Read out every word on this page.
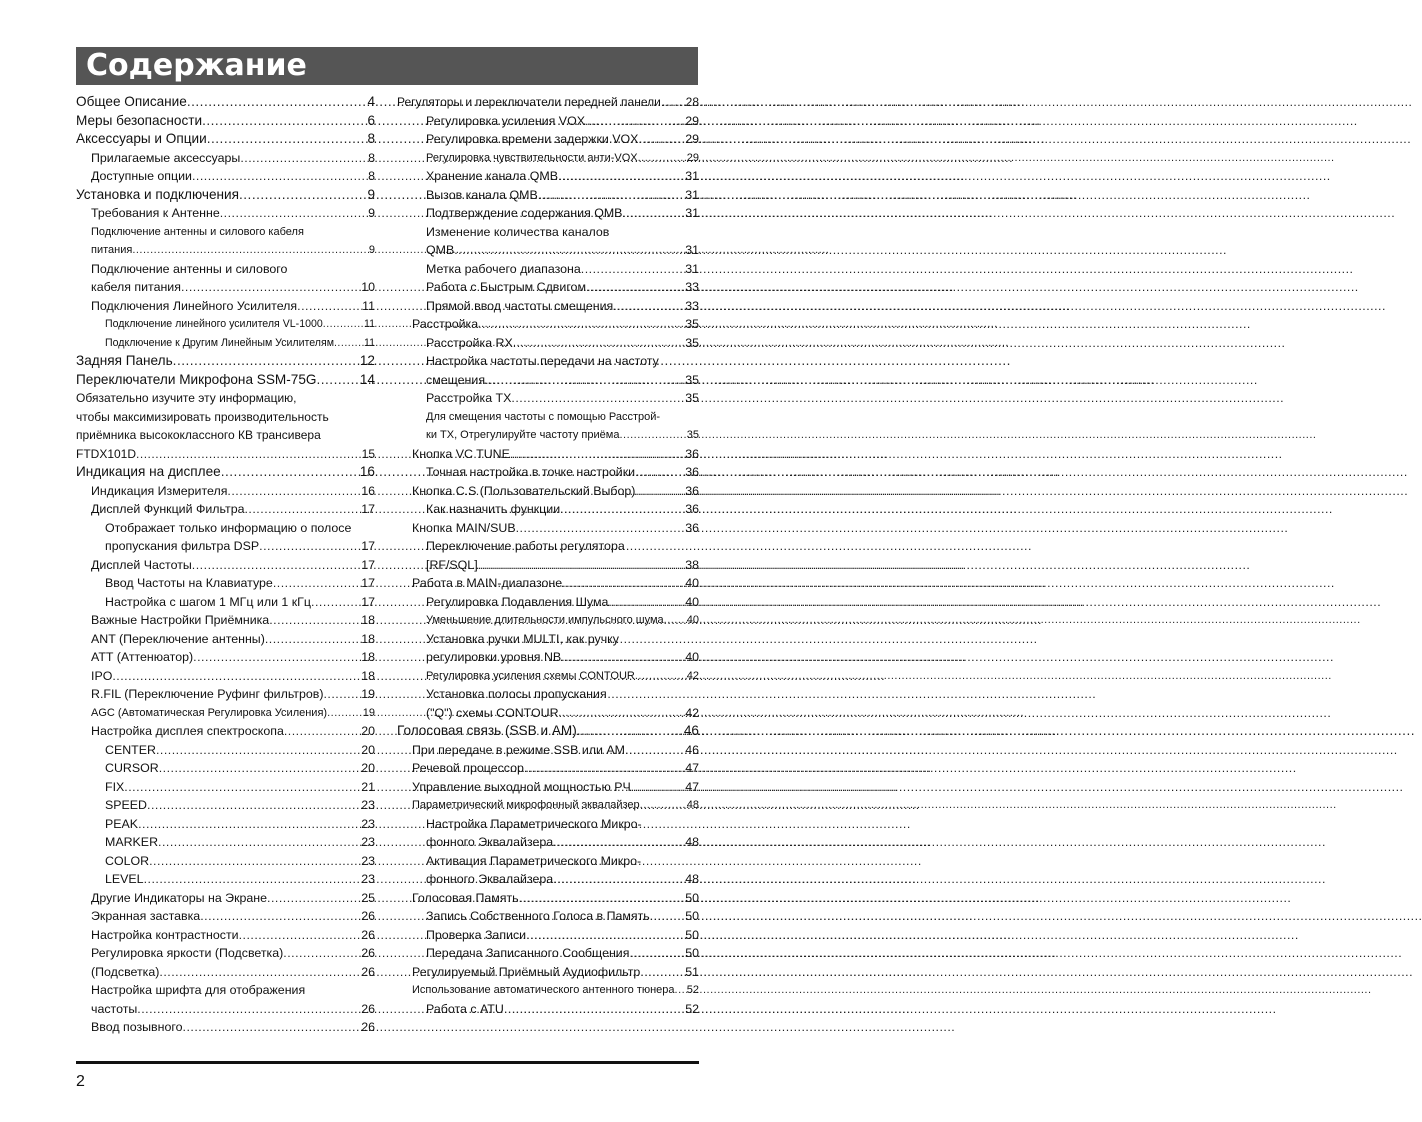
Содержание
Общее Описание .....	4
Меры безопасности .....	6
Аксессуары и Опции .....	8
Прилагаемые аксессуары .....	8
Доступные опции .....	8
Установка и подключения .....	9
Требования к Антенне .....	9
Подключение антенны и силового кабеля
питания .....	9
Подключение антенны и силового
кабеля питания .....	10
Подключения Линейного Усилителя .....	11
Подключение линейного усилителя VL-1000 .....	11
Подключение к Другим Линейным Усилителям .....	11
Задняя Панель .....	12
Переключатели Микрофона SSM-75G .....	14
Обязательно изучите эту информацию,
чтобы максимизировать производительность
приёмника высококлассного КВ трансивера
FTDX101D .....	15
Индикация на дисплее .....	16
Индикация Измерителя .....	16
Дисплей Функций Фильтра .....	17
Отображает только информацию о полосе
пропускания фильтра DSP .....	17
Дисплей Частоты .....	17
Ввод Частоты на Клавиатуре .....	17
Настройка с шагом 1 МГц или 1 кГц .....	17
Важные Настройки Приёмника .....	18
ANT (Переключение антенны) .....	18
ATT (Аттенюатор) .....	18
IPO .....	18
R.FIL (Переключение Руфинг фильтров) .....	19
AGC (Автоматическая Регулировка Усиления) .....	19
Настройка дисплея спектроскопа .....	20
CENTER .....	20
CURSOR .....	20
FIX .....	21
SPEED .....	23
PEAK .....	23
MARKER .....	23
COLOR .....	23
LEVEL .....	23
Другие Индикаторы на Экране .....	25
Экранная заставка .....	26
Настройка контрастности .....	26
Регулировка яркости (Подсветка) .....	26
(Подсветка) .....	26
Настройка шрифта для отображения
частоты .....	26
Ввод позывного .....	26
Регуляторы и переключатели передней панели ..... 28
Регулировка усиления VOX .....	29
Регулировка времени задержки VOX .....	29
Регулировка чувствительности анти-VOX .....	29
Хранение канала QMB .....	31
Вызов канала QMB .....	31
Подтверждение содержания QMB .....	31
Изменение количества каналов
QMB .....	31
Метка рабочего диапазона .....	31
Работа с Быстрым Сдвигом .....	33
Прямой ввод частоты смещения .....	33
Расстройка .....	35
Расстройка RX .....	35
Настройка частоты передачи на частоту
смещения .....	35
Расстройка TX .....	35
Для смещения частоты с помощью Расстрой-
ки TX, Отрегулируйте частоту приёма .....	35
Кнопка VC TUNE .....	36
Точная настройка в точке настройки .....	36
Кнопка C.S (Пользовательский Выбор) .....	36
Как назначить функции .....	36
Кнопка MAIN/SUB .....	36
Переключение работы регулятора
[RF/SQL] .....	38
Работа в MAIN-диапазоне .....	40
Регулировка Подавления Шума .....	40
Уменьшение длительности импульсного шума ..... 40
Установка ручки MULTI, как ручку
регулировки уровня NB .....	40
Регулировка усиления схемы CONTOUR .....	42
Установка полосы пропускания
("Q") схемы CONTOUR .....	42
Голосовая связь (SSB и AM) .....	46
При передаче в режиме SSB или AM .....	46
Речевой процессор .....	47
Управление выходной мощностью РЧ .....	47
Параметрический микрофонный эквалайзер .....	48
Настройка Параметрического Микро-
фонного Эквалайзера .....	48
Активация Параметрического Микро-
фонного Эквалайзера .....	48
Голосовая Память .....	50
Запись Собственного Голоса в Память .....	50
Проверка Записи .....	50
Передача Записанного Сообщения .....	50
Регулируемый Приёмный Аудиофильтр .....	51
Использование автоматического антенного тюнера ..... 52
Работа с ATU .....	52
2
